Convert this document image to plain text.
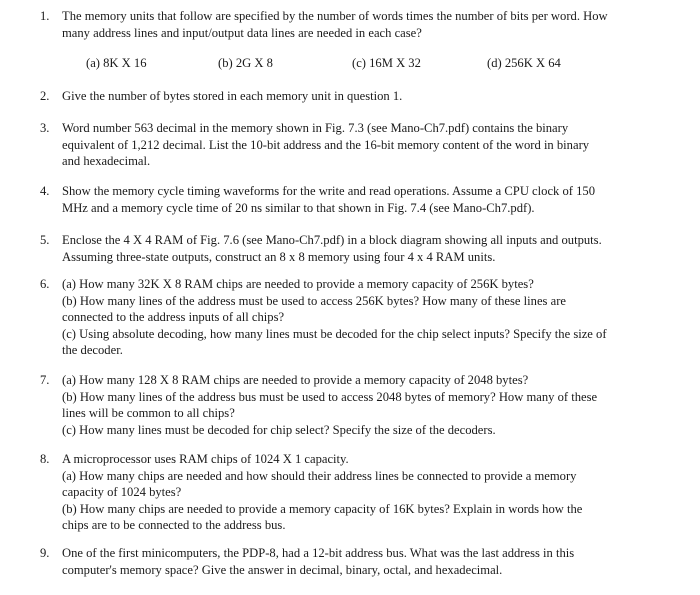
1. The memory units that follow are specified by the number of words times the number of bits per word. How
many address lines and input/output data lines are needed in each case?
(a) 8K X 16	(b) 2G X 8	(c) 16M X 32	(d) 256K X 64
2. Give the number of bytes stored in each memory unit in question 1.
3. Word number 563 decimal in the memory shown in Fig. 7.3 (see Mano-Ch7.pdf) contains the binary
equivalent of 1,212 decimal. List the 10-bit address and the 16-bit memory content of the word in binary
and hexadecimal.
4. Show the memory cycle timing waveforms for the write and read operations. Assume a CPU clock of 150
MHz and a memory cycle time of 20 ns similar to that shown in Fig. 7.4 (see Mano-Ch7.pdf).
5. Enclose the 4 X 4 RAM of Fig. 7.6 (see Mano-Ch7.pdf) in a block diagram showing all inputs and outputs.
Assuming three-state outputs, construct an 8 x 8 memory using four 4 x 4 RAM units.
6. (a) How many 32K X 8 RAM chips are needed to provide a memory capacity of 256K bytes?
(b) How many lines of the address must be used to access 256K bytes? How many of these lines are
connected to the address inputs of all chips?
(c) Using absolute decoding, how many lines must be decoded for the chip select inputs? Specify the size of
the decoder.
7. (a) How many 128 X 8 RAM chips are needed to provide a memory capacity of 2048 bytes?
(b) How many lines of the address bus must be used to access 2048 bytes of memory? How many of these
lines will be common to all chips?
(c) How many lines must be decoded for chip select? Specify the size of the decoders.
8. A microprocessor uses RAM chips of 1024 X 1 capacity.
(a) How many chips are needed and how should their address lines be connected to provide a memory
capacity of 1024 bytes?
(b) How many chips are needed to provide a memory capacity of 16K bytes? Explain in words how the
chips are to be connected to the address bus.
9. One of the first minicomputers, the PDP-8, had a 12-bit address bus. What was the last address in this
computer's memory space? Give the answer in decimal, binary, octal, and hexadecimal.
